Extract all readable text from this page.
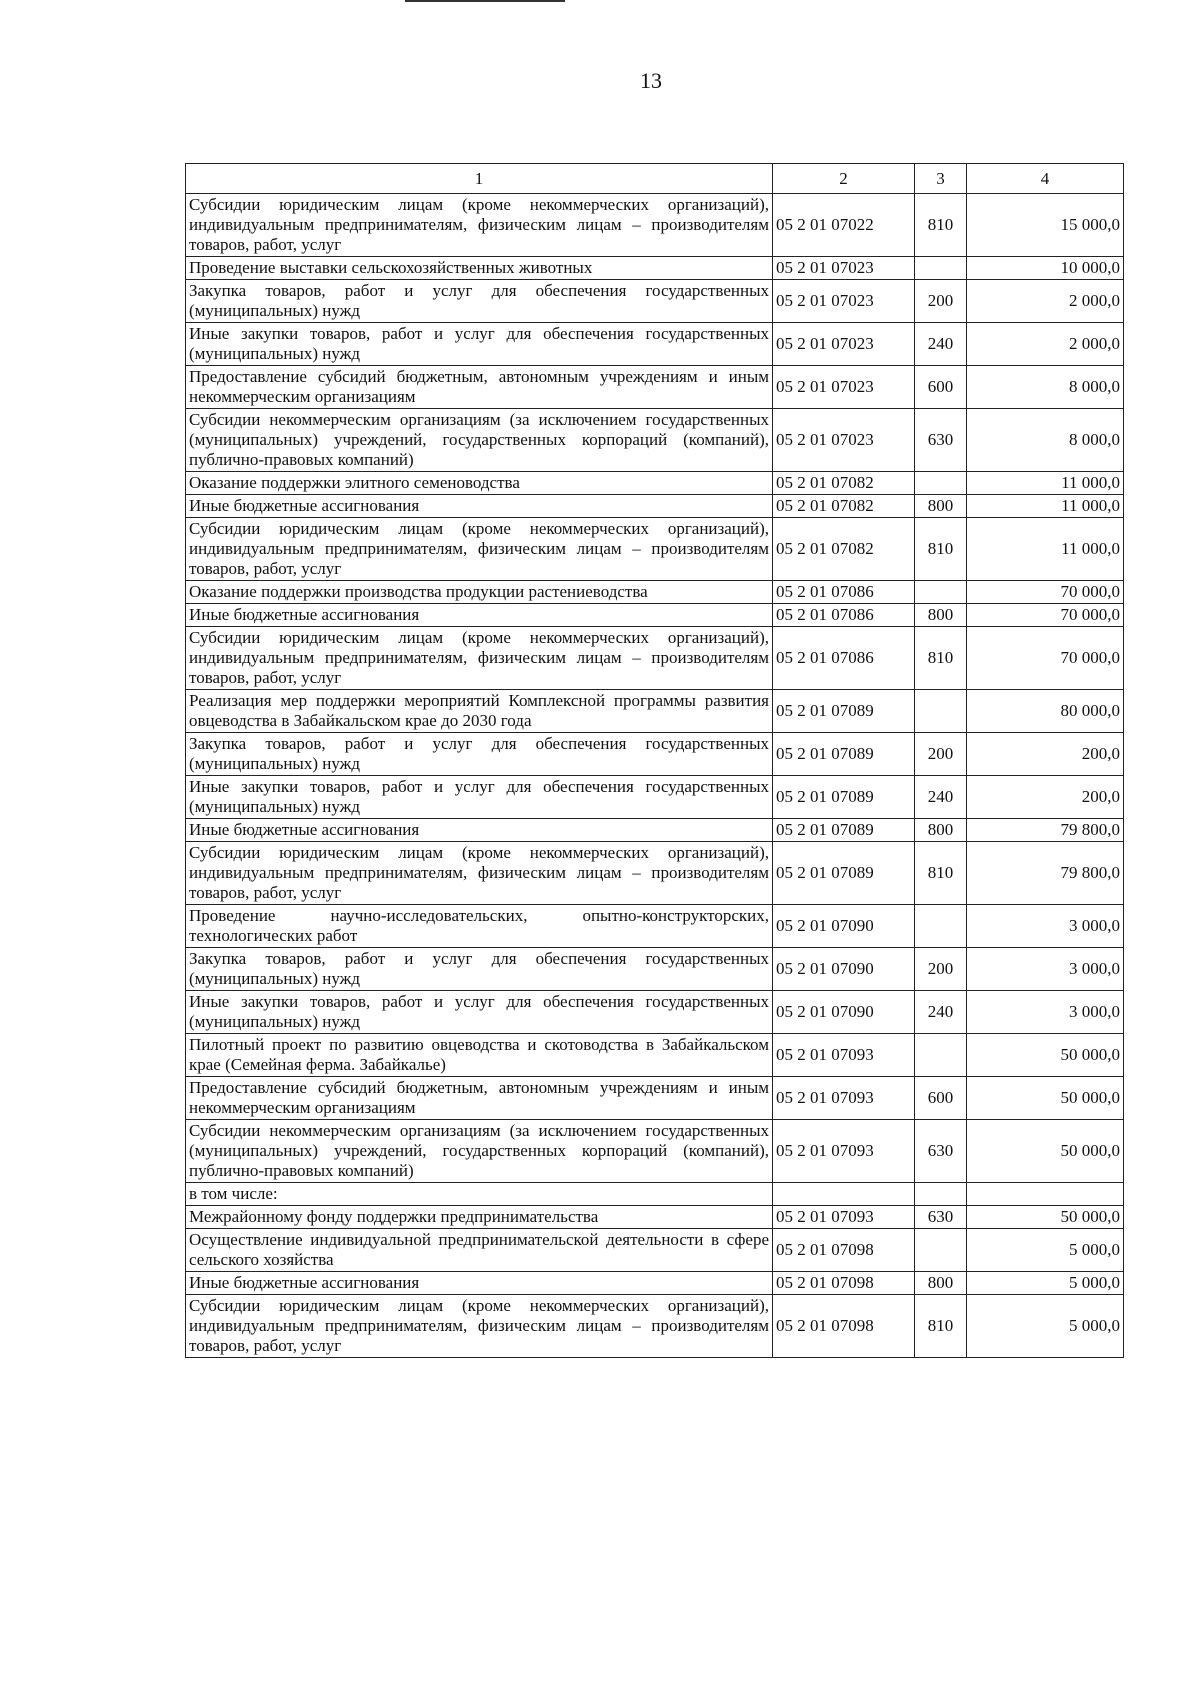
13
1	2	3	4
Субсидии юридическим лицам (кроме некоммерческих организаций), индивидуальным предпринимателям, физическим лицам – производителям товаров, работ, услуг	05 2 01 07022	810	15 000,0
Проведение выставки сельскохозяйственных животных	05 2 01 07023		10 000,0
Закупка товаров, работ и услуг для обеспечения государственных (муниципальных) нужд	05 2 01 07023	200	2 000,0
Иные закупки товаров, работ и услуг для обеспечения государственных (муниципальных) нужд	05 2 01 07023	240	2 000,0
Предоставление субсидий бюджетным, автономным учреждениям и иным некоммерческим организациям	05 2 01 07023	600	8 000,0
Субсидии некоммерческим организациям (за исключением государственных (муниципальных) учреждений, государственных корпораций (компаний), публично-правовых компаний)	05 2 01 07023	630	8 000,0
Оказание поддержки элитного семеноводства	05 2 01 07082		11 000,0
Иные бюджетные ассигнования	05 2 01 07082	800	11 000,0
Субсидии юридическим лицам (кроме некоммерческих организаций), индивидуальным предпринимателям, физическим лицам – производителям товаров, работ, услуг	05 2 01 07082	810	11 000,0
Оказание поддержки производства продукции растениеводства	05 2 01 07086		70 000,0
Иные бюджетные ассигнования	05 2 01 07086	800	70 000,0
Субсидии юридическим лицам (кроме некоммерческих организаций), индивидуальным предпринимателям, физическим лицам – производителям товаров, работ, услуг	05 2 01 07086	810	70 000,0
Реализация мер поддержки мероприятий Комплексной программы развития овцеводства в Забайкальском крае до 2030 года	05 2 01 07089		80 000,0
Закупка товаров, работ и услуг для обеспечения государственных (муниципальных) нужд	05 2 01 07089	200	200,0
Иные закупки товаров, работ и услуг для обеспечения государственных (муниципальных) нужд	05 2 01 07089	240	200,0
Иные бюджетные ассигнования	05 2 01 07089	800	79 800,0
Субсидии юридическим лицам (кроме некоммерческих организаций), индивидуальным предпринимателям, физическим лицам – производителям товаров, работ, услуг	05 2 01 07089	810	79 800,0
Проведение научно-исследовательских, опытно-конструкторских, технологических работ	05 2 01 07090		3 000,0
Закупка товаров, работ и услуг для обеспечения государственных (муниципальных) нужд	05 2 01 07090	200	3 000,0
Иные закупки товаров, работ и услуг для обеспечения государственных (муниципальных) нужд	05 2 01 07090	240	3 000,0
Пилотный проект по развитию овцеводства и скотоводства в Забайкальском крае (Семейная ферма. Забайкалье)	05 2 01 07093		50 000,0
Предоставление субсидий бюджетным, автономным учреждениям и иным некоммерческим организациям	05 2 01 07093	600	50 000,0
Субсидии некоммерческим организациям (за исключением государственных (муниципальных) учреждений, государственных корпораций (компаний), публично-правовых компаний)	05 2 01 07093	630	50 000,0
в том числе:			
Межрайонному фонду поддержки предпринимательства	05 2 01 07093	630	50 000,0
Осуществление индивидуальной предпринимательской деятельности в сфере сельского хозяйства	05 2 01 07098		5 000,0
Иные бюджетные ассигнования	05 2 01 07098	800	5 000,0
Субсидии юридическим лицам (кроме некоммерческих организаций), индивидуальным предпринимателям, физическим лицам – производителям товаров, работ, услуг	05 2 01 07098	810	5 000,0
